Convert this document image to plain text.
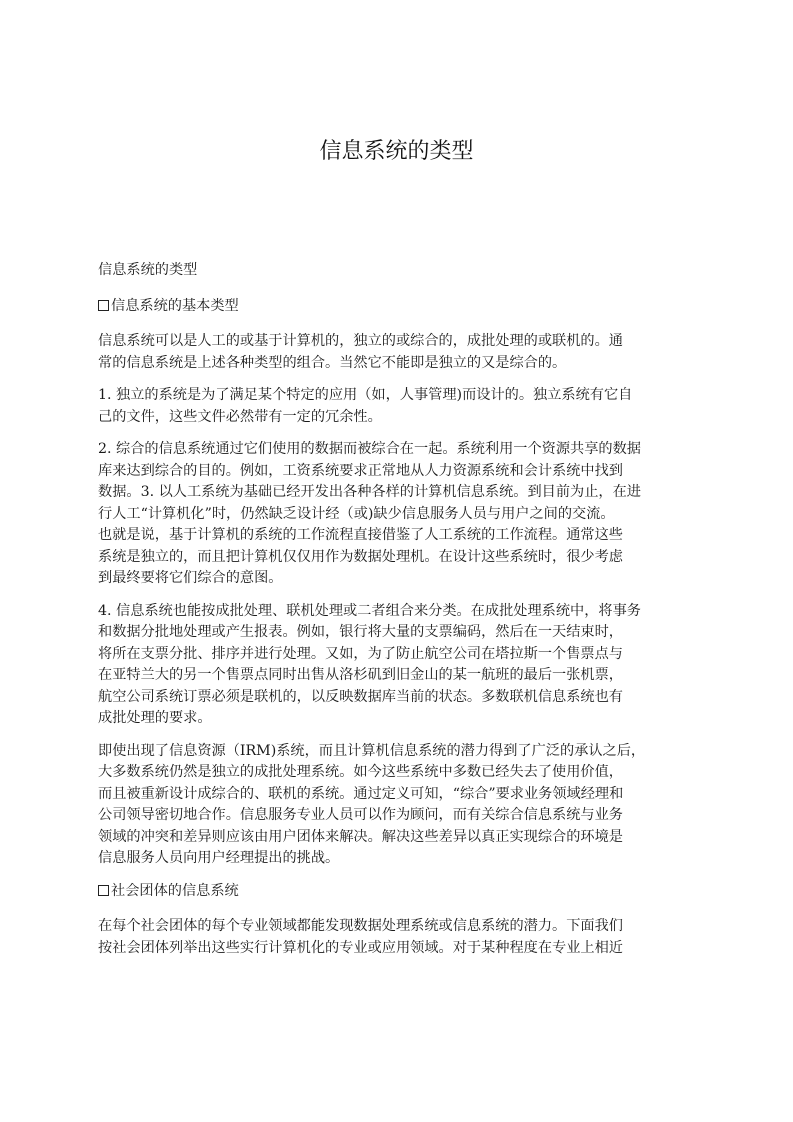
信息系统的类型

信息系统的类型

信息系统的基本类型

信息系统可以是人工的或基于计算机的，独立的或综合的，成批处理的或联机的。通
常的信息系统是上述各种类型的组合。当然它不能即是独立的又是综合的。

1. 独立的系统是为了满足某个特定的应用（如，人事管理)而设计的。独立系统有它自
己的文件，这些文件必然带有一定的冗余性。

2. 综合的信息系统通过它们使用的数据而被综合在一起。系统利用一个资源共享的数据
库来达到综合的目的。例如，工资系统要求正常地从人力资源系统和会计系统中找到
数据。3. 以人工系统为基础已经开发出各种各样的计算机信息系统。到目前为止，在进
行人工“计算机化”时，仍然缺乏设计经（或)缺少信息服务人员与用户之间的交流。
也就是说，基于计算机的系统的工作流程直接借鉴了人工系统的工作流程。通常这些
系统是独立的，而且把计算机仅仅用作为数据处理机。在设计这些系统时，很少考虑
到最终要将它们综合的意图。

4. 信息系统也能按成批处理、联机处理或二者组合来分类。在成批处理系统中，将事务
和数据分批地处理或产生报表。例如，银行将大量的支票编码，然后在一天结束时，
将所在支票分批、排序并进行处理。又如，为了防止航空公司在塔拉斯一个售票点与
在亚特兰大的另一个售票点同时出售从洛杉矶到旧金山的某一航班的最后一张机票，
航空公司系统订票必须是联机的，以反映数据库当前的状态。多数联机信息系统也有
成批处理的要求。

即使出现了信息资源（IRM)系统，而且计算机信息系统的潜力得到了广泛的承认之后，
大多数系统仍然是独立的成批处理系统。如今这些系统中多数已经失去了使用价值，
而且被重新设计成综合的、联机的系统。通过定义可知，“综合”要求业务领域经理和
公司领导密切地合作。信息服务专业人员可以作为顾问，而有关综合信息系统与业务
领域的冲突和差异则应该由用户团体来解决。解决这些差异以真正实现综合的环境是
信息服务人员向用户经理提出的挑战。

社会团体的信息系统

在每个社会团体的每个专业领域都能发现数据处理系统或信息系统的潜力。下面我们
按社会团体列举出这些实行计算机化的专业或应用领域。对于某种程度在专业上相近
